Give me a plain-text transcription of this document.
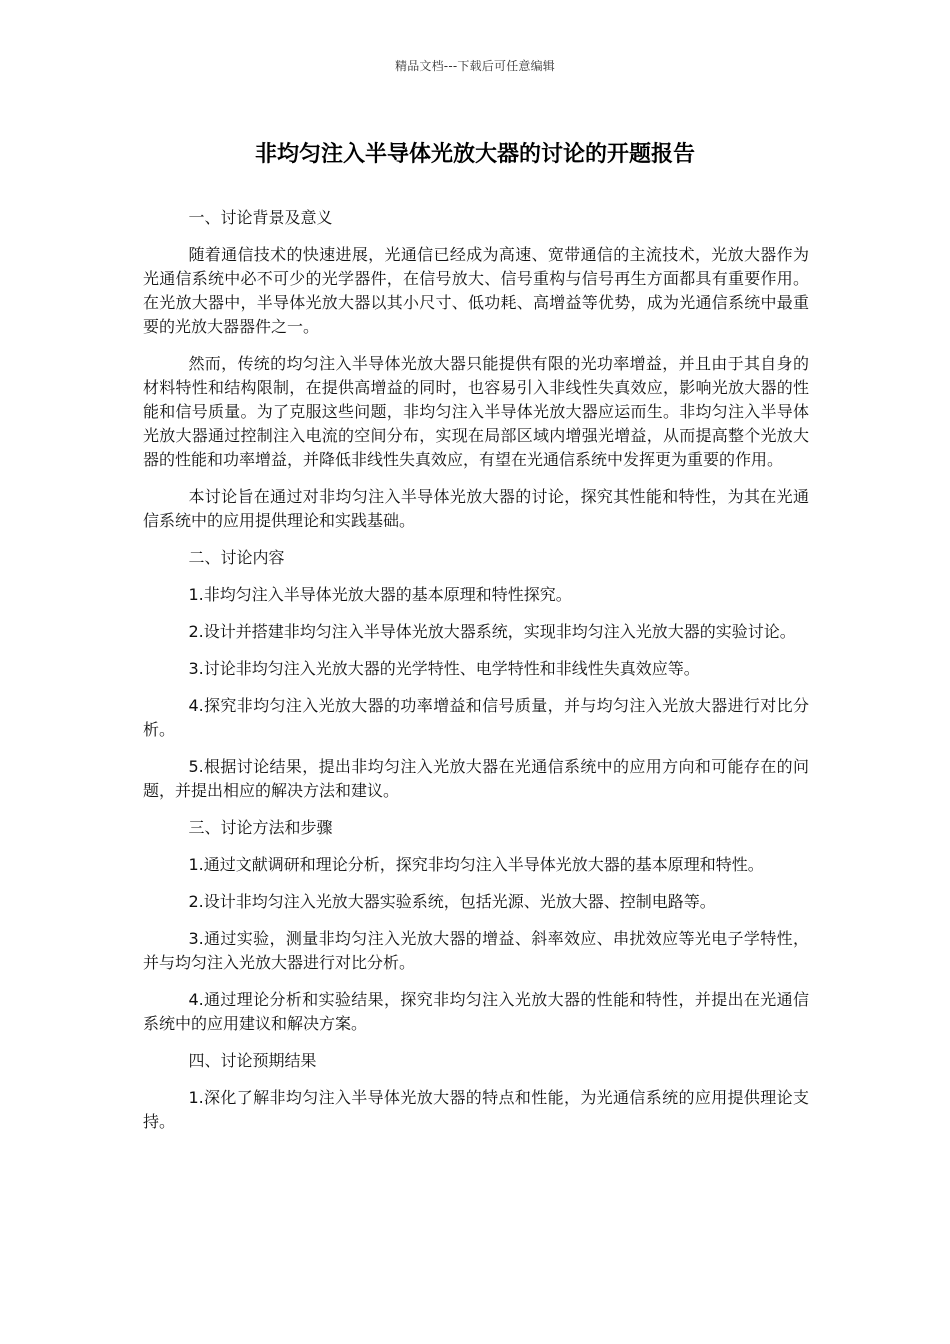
精品文档---下载后可任意编辑
非均匀注入半导体光放大器的讨论的开题报告
一、讨论背景及意义

随着通信技术的快速进展，光通信已经成为高速、宽带通信的主流技术，光放大器作为光通信系统中必不可少的光学器件，在信号放大、信号重构与信号再生方面都具有重要作用。在光放大器中，半导体光放大器以其小尺寸、低功耗、高增益等优势，成为光通信系统中最重要的光放大器器件之一。

然而，传统的均匀注入半导体光放大器只能提供有限的光功率增益，并且由于其自身的材料特性和结构限制，在提供高增益的同时，也容易引入非线性失真效应，影响光放大器的性能和信号质量。为了克服这些问题，非均匀注入半导体光放大器应运而生。非均匀注入半导体光放大器通过控制注入电流的空间分布，实现在局部区域内增强光增益，从而提高整个光放大器的性能和功率增益，并降低非线性失真效应，有望在光通信系统中发挥更为重要的作用。

本讨论旨在通过对非均匀注入半导体光放大器的讨论，探究其性能和特性，为其在光通信系统中的应用提供理论和实践基础。

二、讨论内容

1.非均匀注入半导体光放大器的基本原理和特性探究。

2.设计并搭建非均匀注入半导体光放大器系统，实现非均匀注入光放大器的实验讨论。

3.讨论非均匀注入光放大器的光学特性、电学特性和非线性失真效应等。

4.探究非均匀注入光放大器的功率增益和信号质量，并与均匀注入光放大器进行对比分析。

5.根据讨论结果，提出非均匀注入光放大器在光通信系统中的应用方向和可能存在的问题，并提出相应的解决方法和建议。

三、讨论方法和步骤

1.通过文献调研和理论分析，探究非均匀注入半导体光放大器的基本原理和特性。

2.设计非均匀注入光放大器实验系统，包括光源、光放大器、控制电路等。

3.通过实验，测量非均匀注入光放大器的增益、斜率效应、串扰效应等光电子学特性，并与均匀注入光放大器进行对比分析。

4.通过理论分析和实验结果，探究非均匀注入光放大器的性能和特性，并提出在光通信系统中的应用建议和解决方案。

四、讨论预期结果

1.深化了解非均匀注入半导体光放大器的特点和性能，为光通信系统的应用提供理论支持。
